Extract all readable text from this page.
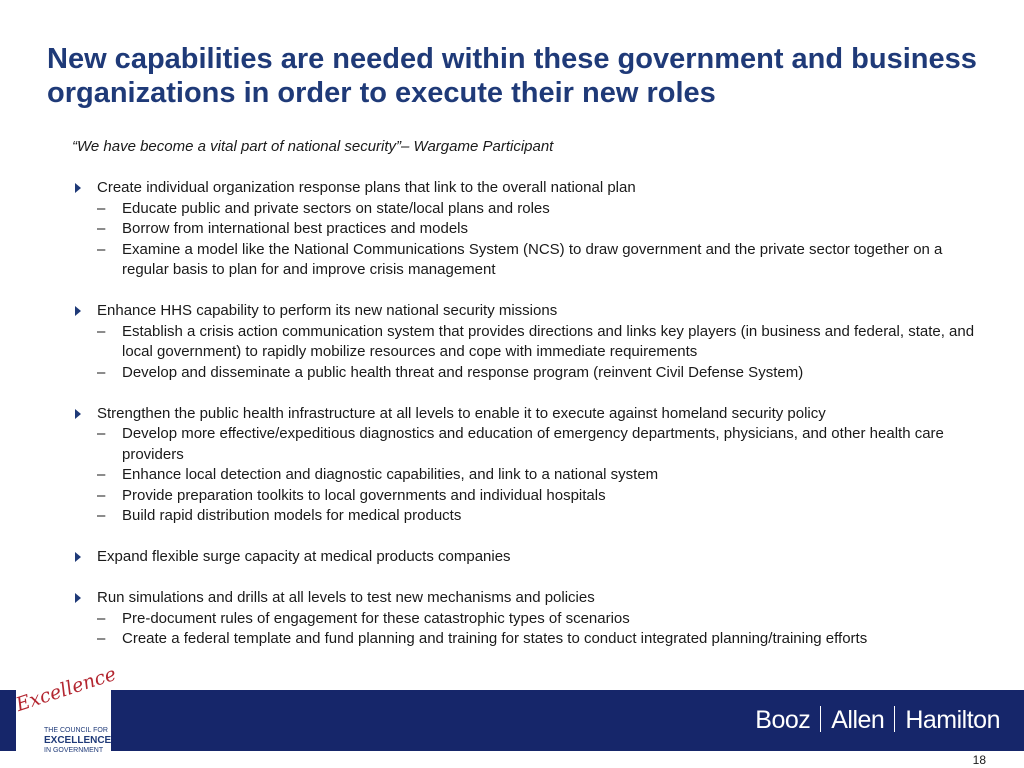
New capabilities are needed within these government and business organizations in order to execute their new roles
“We have become a vital part of national security”– Wargame Participant
Create individual organization response plans that link to the overall national plan
– Educate public and private sectors on state/local plans and roles
– Borrow from international best practices and models
– Examine a model like the National Communications System (NCS) to draw government and the private sector together on a regular basis to plan for and improve crisis management
Enhance HHS capability to perform its new national security missions
– Establish a crisis action communication system that provides directions and links key players (in business and federal, state, and local government) to rapidly mobilize resources and cope with immediate requirements
– Develop and disseminate a public health threat and response program (reinvent Civil Defense System)
Strengthen the public health infrastructure at all levels to enable it to execute against homeland security policy
– Develop more effective/expeditious diagnostics and education of emergency departments, physicians, and other health care providers
– Enhance local detection and diagnostic capabilities, and link to a national system
– Provide preparation toolkits to local governments and individual hospitals
– Build rapid distribution models for medical products
Expand flexible surge capacity at medical products companies
Run simulations and drills at all levels to test new mechanisms and policies
– Pre-document rules of engagement for these catastrophic types of scenarios
– Create a federal template and fund planning and training for states to conduct integrated planning/training efforts
Excellence
THE COUNCIL FOR
EXCELLENCE
IN GOVERNMENT
Booz Allen Hamilton
18
